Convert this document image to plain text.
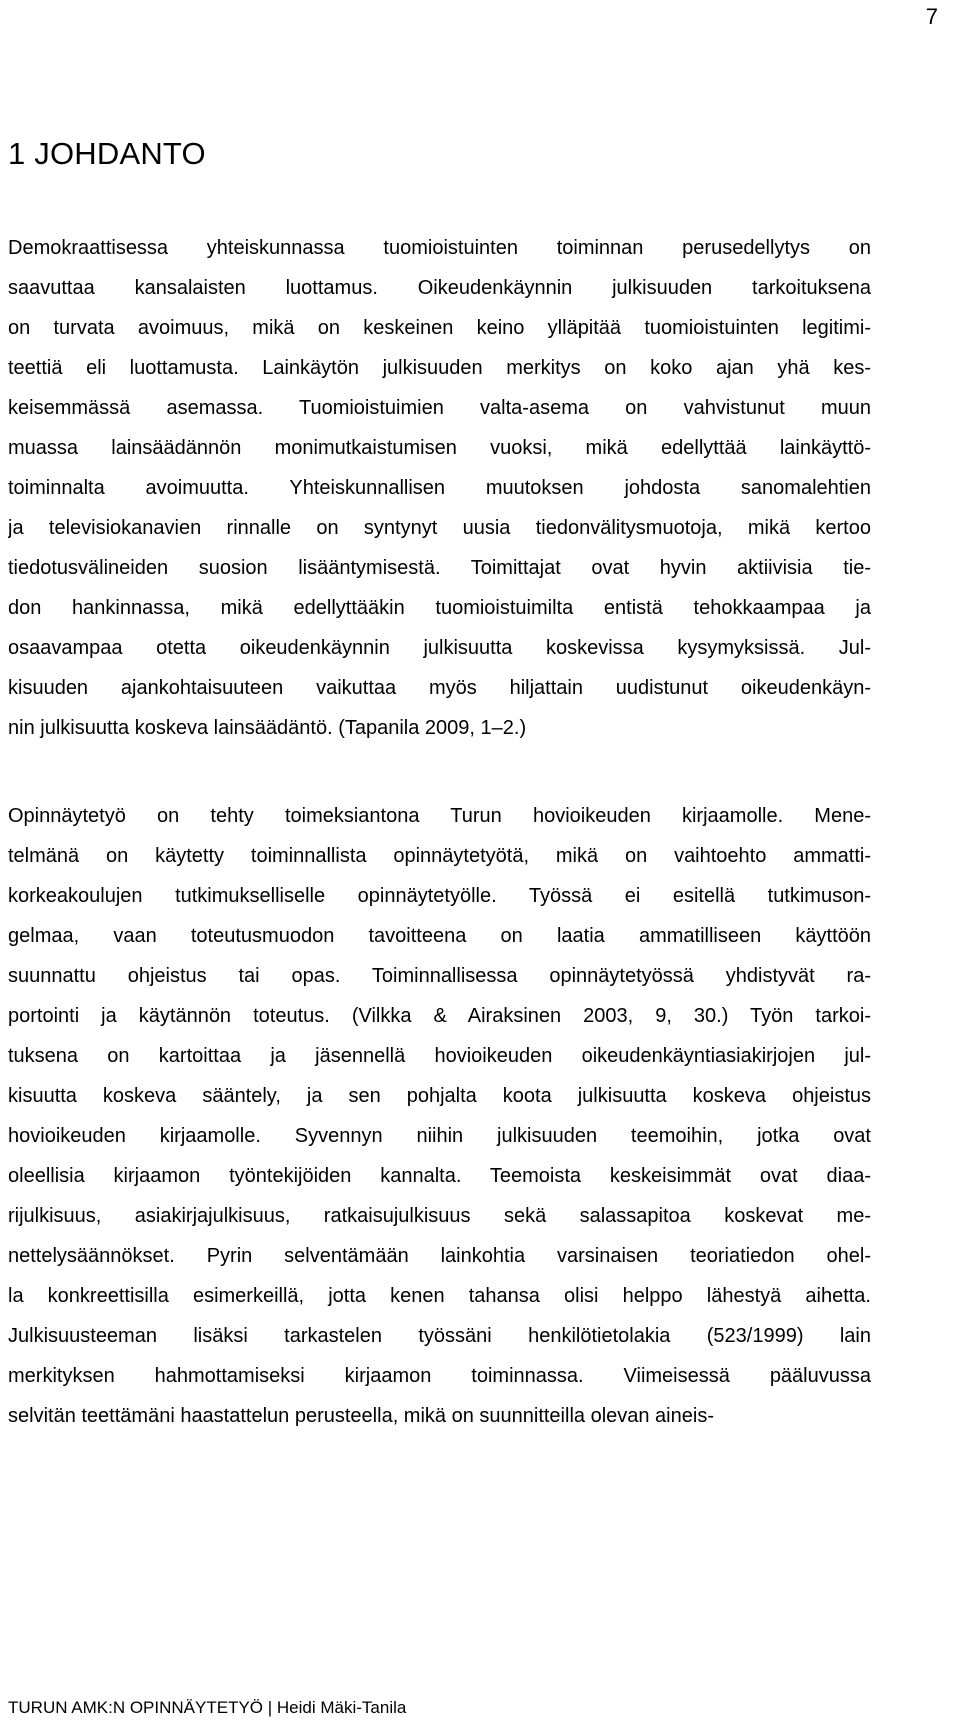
7
1 JOHDANTO
Demokraattisessa yhteiskunnassa tuomioistuinten toiminnan perusedellytys on
saavuttaa kansalaisten luottamus. Oikeudenkäynnin julkisuuden tarkoituksena
on turvata avoimuus, mikä on keskeinen keino ylläpitää tuomioistuinten legitimi-
teettiä eli luottamusta. Lainkäytön julkisuuden merkitys on koko ajan yhä kes-
keisemmässä asemassa. Tuomioistuimien valta-asema on vahvistunut muun
muassa lainsäädännön monimutkaistumisen vuoksi, mikä edellyttää lainkäyttö-
toiminnalta avoimuutta. Yhteiskunnallisen muutoksen johdosta sanomalehtien
ja televisiokanavien rinnalle on syntynyt uusia tiedonvälitysmuotoja, mikä kertoo
tiedotusvälineiden suosion lisääntymisestä. Toimittajat ovat hyvin aktiivisia tie-
don hankinnassa, mikä edellyttääkin tuomioistuimilta entistä tehokkaampaa ja
osaavampaa otetta oikeudenkäynnin julkisuutta koskevissa kysymyksissä. Jul-
kisuuden ajankohtaisuuteen vaikuttaa myös hiljattain uudistunut oikeudenkäyn-
nin julkisuutta koskeva lainsäädäntö. (Tapanila 2009, 1–2.)
Opinnäytetyö on tehty toimeksiantona Turun hovioikeuden kirjaamolle. Mene-
telmänä on käytetty toiminnallista opinnäytetyötä, mikä on vaihtoehto ammatti-
korkeakoulujen tutkimukselliselle opinnäytetyölle. Työssä ei esitellä tutkimuson-
gelmaa, vaan toteutusmuodon tavoitteena on laatia ammatilliseen käyttöön
suunnattu ohjeistus tai opas. Toiminnallisessa opinnäytetyössä yhdistyvät ra-
portointi ja käytännön toteutus. (Vilkka & Airaksinen 2003, 9, 30.) Työn tarkoi-
tuksena on kartoittaa ja jäsennellä hovioikeuden oikeudenkäyntiasiakirjojen jul-
kisuutta koskeva sääntely, ja sen pohjalta koota julkisuutta koskeva ohjeistus
hovioikeuden kirjaamolle. Syvennyn niihin julkisuuden teemoihin, jotka ovat
oleellisia kirjaamon työntekijöiden kannalta. Teemoista keskeisimmät ovat diaa-
rijulkisuus, asiakirjajulkisuus, ratkaisujulkisuus sekä salassapitoa koskevat me-
nettelysäännökset. Pyrin selventämään lainkohtia varsinaisen teoriatiedon ohel-
la konkreettisilla esimerkeillä, jotta kenen tahansa olisi helppo lähestyä aihetta.
Julkisuusteeman lisäksi tarkastelen työssäni henkilötietolakia (523/1999) lain
merkityksen hahmottamiseksi kirjaamon toiminnassa. Viimeisessä pääluvussa
selvitän teettämäni haastattelun perusteella, mikä on suunnitteilla olevan aineis-
TURUN AMK:N OPINNÄYTETYÖ | Heidi Mäki-Tanila
